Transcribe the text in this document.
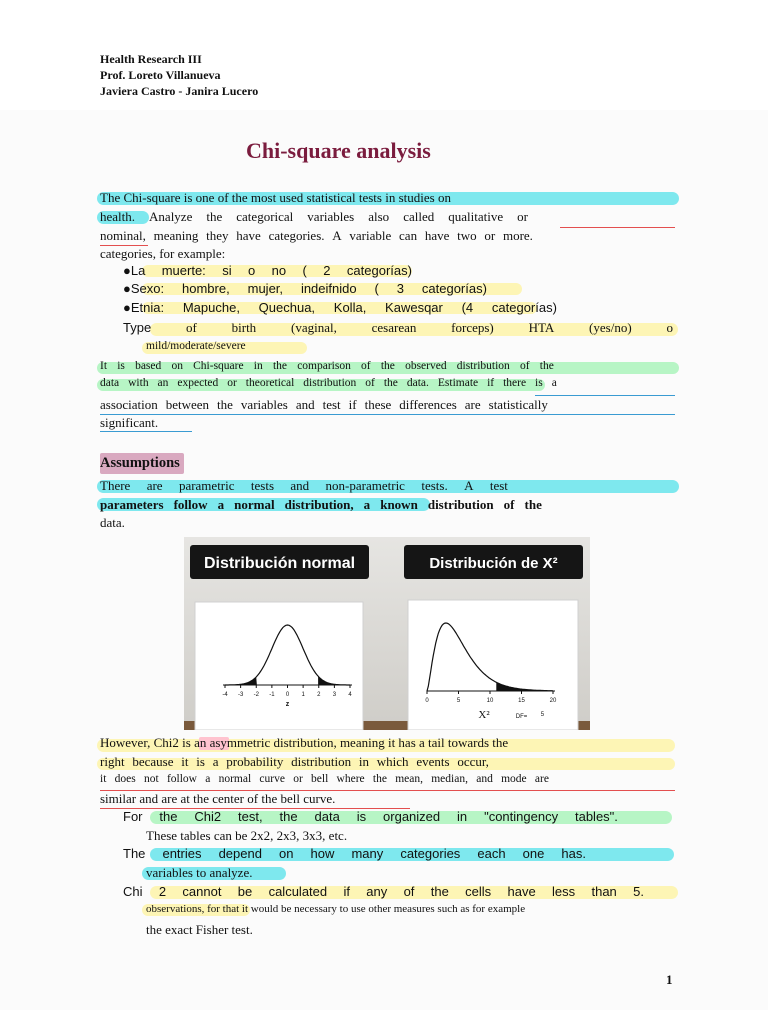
Health Research III
Prof. Loreto Villanueva
Javiera Castro - Janira Lucero
Chi-square analysis
The Chi-square is one of the most used statistical tests in studies on
health. Analyze the categorical variables also called qualitative or
nominal, meaning they have categories. A variable can have two or more.
categories, for example:
●La muerte: si o no ( 2 categorías)
●Sexo: hombre, mujer, indeifnido ( 3 categorías)
●Etnia: Mapuche, Quechua, Kolla, Kawesqar (4 categorías)
Type	of	birth	(vaginal,	cesarean	forceps)	HTA	(yes/no)	o
mild/moderate/severe
It is based on Chi-square in the comparison of the observed distribution of the
data with an expected or theoretical distribution of the data. Estimate if there is a
association between the variables and test if these differences are statistically
significant.
Assumptions
There are parametric tests and non-parametric tests. A test
parameters follow a normal distribution, a known distribution of the
data.
Distribución normal	Distribución de X²
-4 -3 -2 -1 0 1 2 3 4
z	0	5	10	15	20
X²	DF= 5
However, Chi2 is an asymmetric distribution, meaning it has a tail towards the
right because it is a probability distribution in which events occur,
it does not follow a normal curve or bell where the mean, median, and mode are
similar and are at the center of the bell curve.
For the Chi2 test, the data is organized in "contingency tables".
These tables can be 2x2, 2x3, 3x3, etc.
The entries depend on how many categories each one has.
variables to analyze.
Chi 2 cannot be calculated if any of the cells have less than 5.
observations, for that it would be necessary to use other measures such as for example
the exact Fisher test.
1
